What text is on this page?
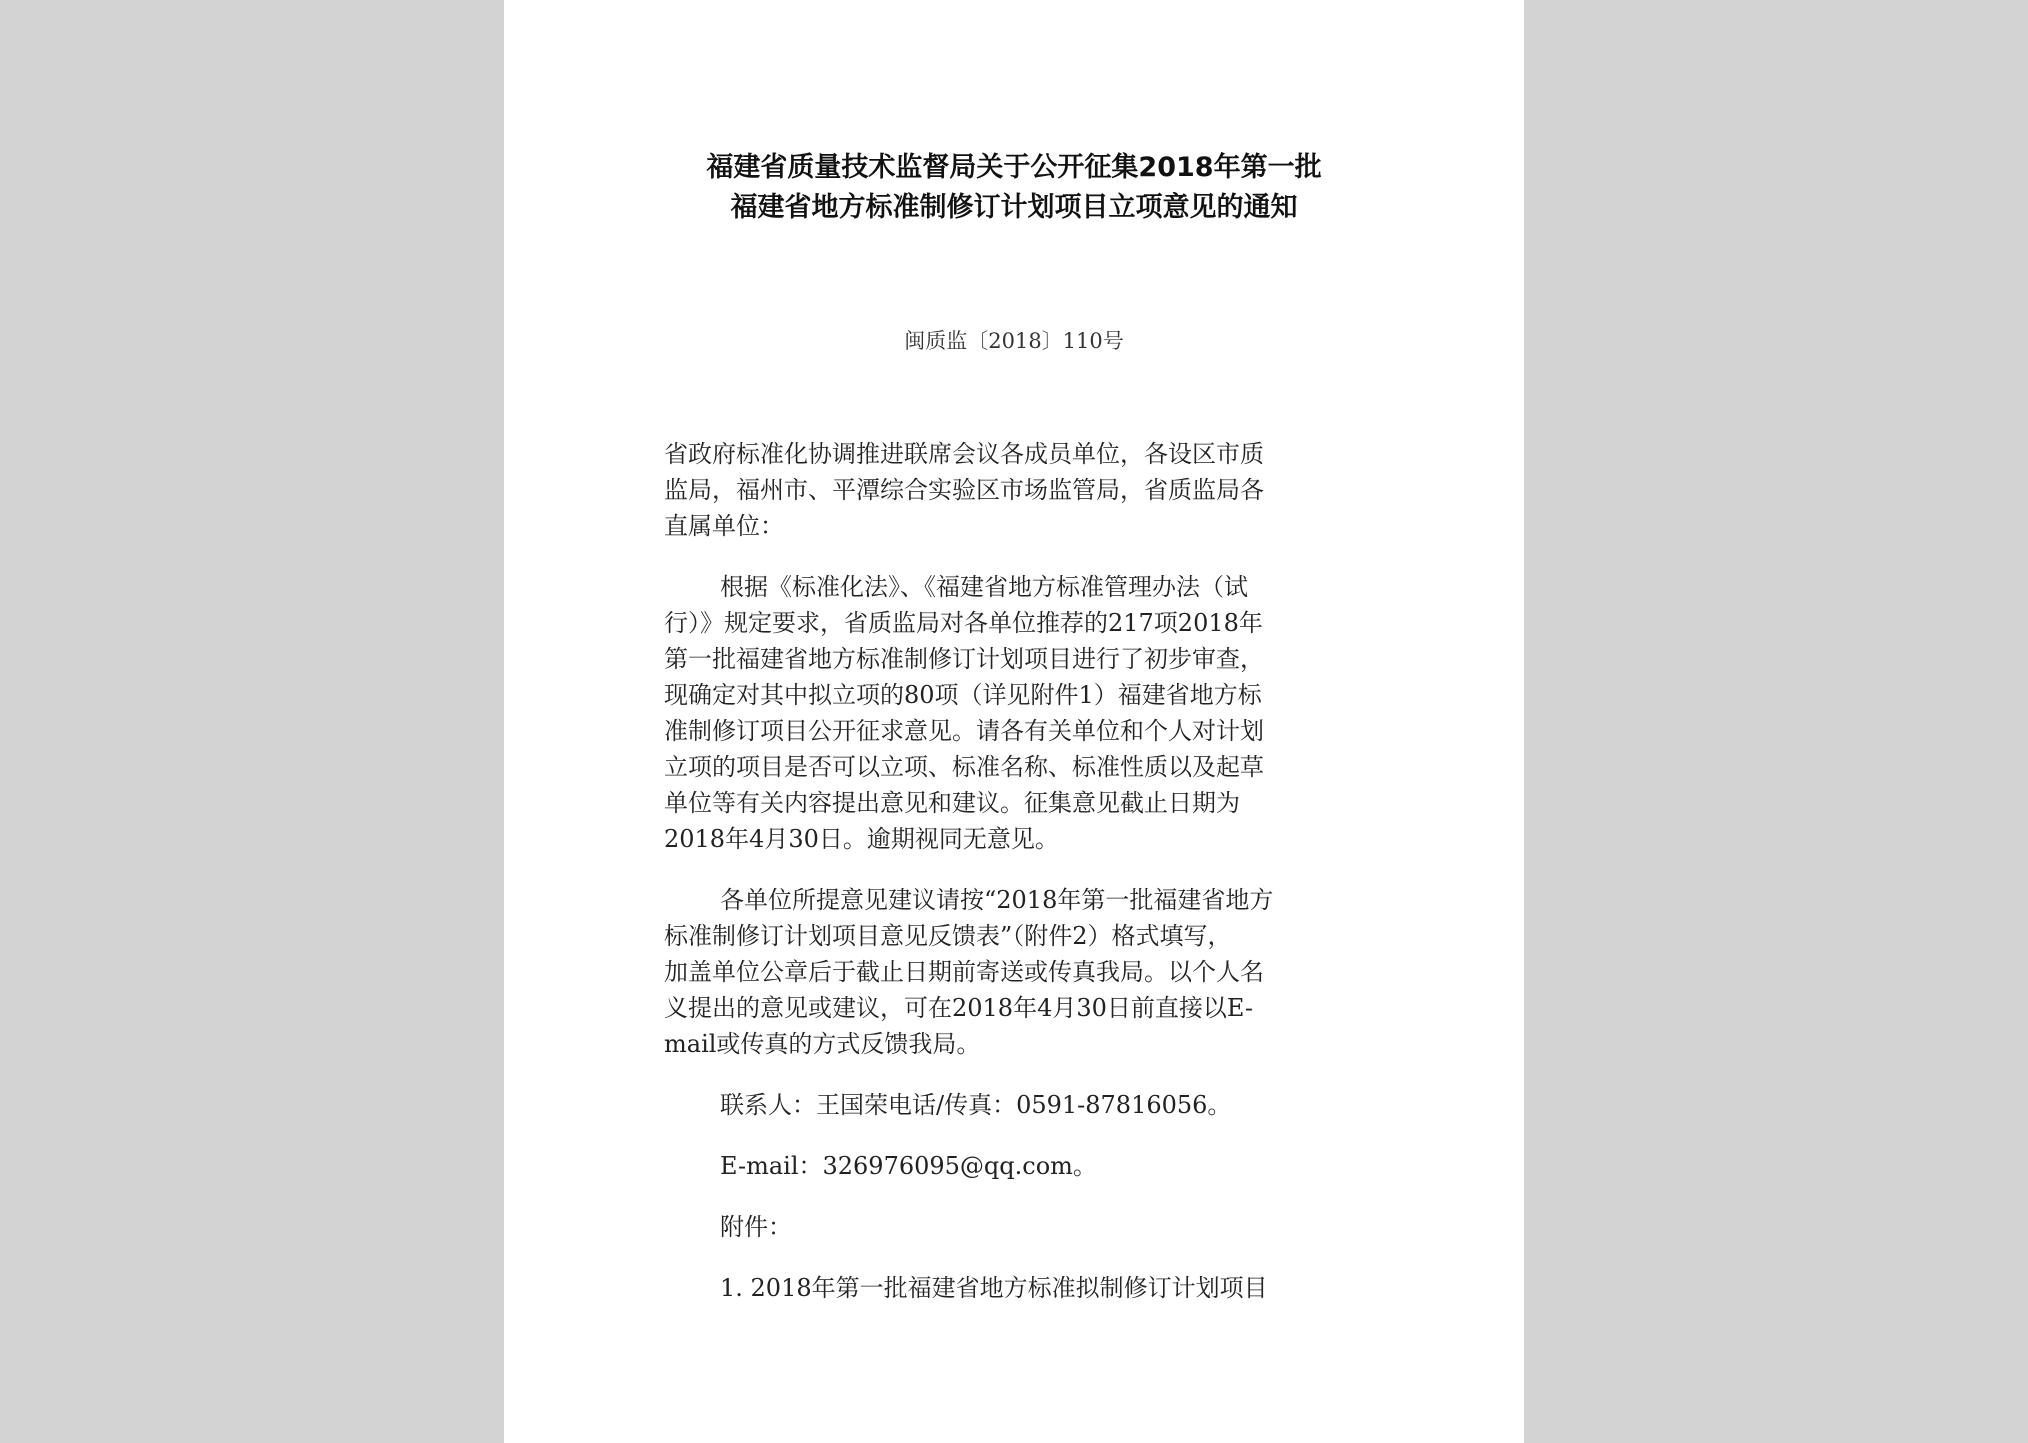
福建省质量技术监督局关于公开征集2018年第一批
福建省地方标准制修订计划项目立项意见的通知
闽质监〔2018〕110号
省政府标准化协调推进联席会议各成员单位，各设区市质
监局，福州市、平潭综合实验区市场监管局，省质监局各
直属单位：
根据《标准化法》、《福建省地方标准管理办法（试
行）》规定要求，省质监局对各单位推荐的217项2018年
第一批福建省地方标准制修订计划项目进行了初步审查，
现确定对其中拟立项的80项（详见附件1）福建省地方标
准制修订项目公开征求意见。请各有关单位和个人对计划
立项的项目是否可以立项、标准名称、标准性质以及起草
单位等有关内容提出意见和建议。征集意见截止日期为
2018年4月30日。逾期视同无意见。
各单位所提意见建议请按“2018年第一批福建省地方
标准制修订计划项目意见反馈表”（附件2）格式填写，
加盖单位公章后于截止日期前寄送或传真我局。以个人名
义提出的意见或建议，可在2018年4月30日前直接以E-
mail或传真的方式反馈我局。
联系人：王国荣电话/传真：0591-87816056。
E-mail：326976095@qq.com。
附件：
1. 2018年第一批福建省地方标准拟制修订计划项目
